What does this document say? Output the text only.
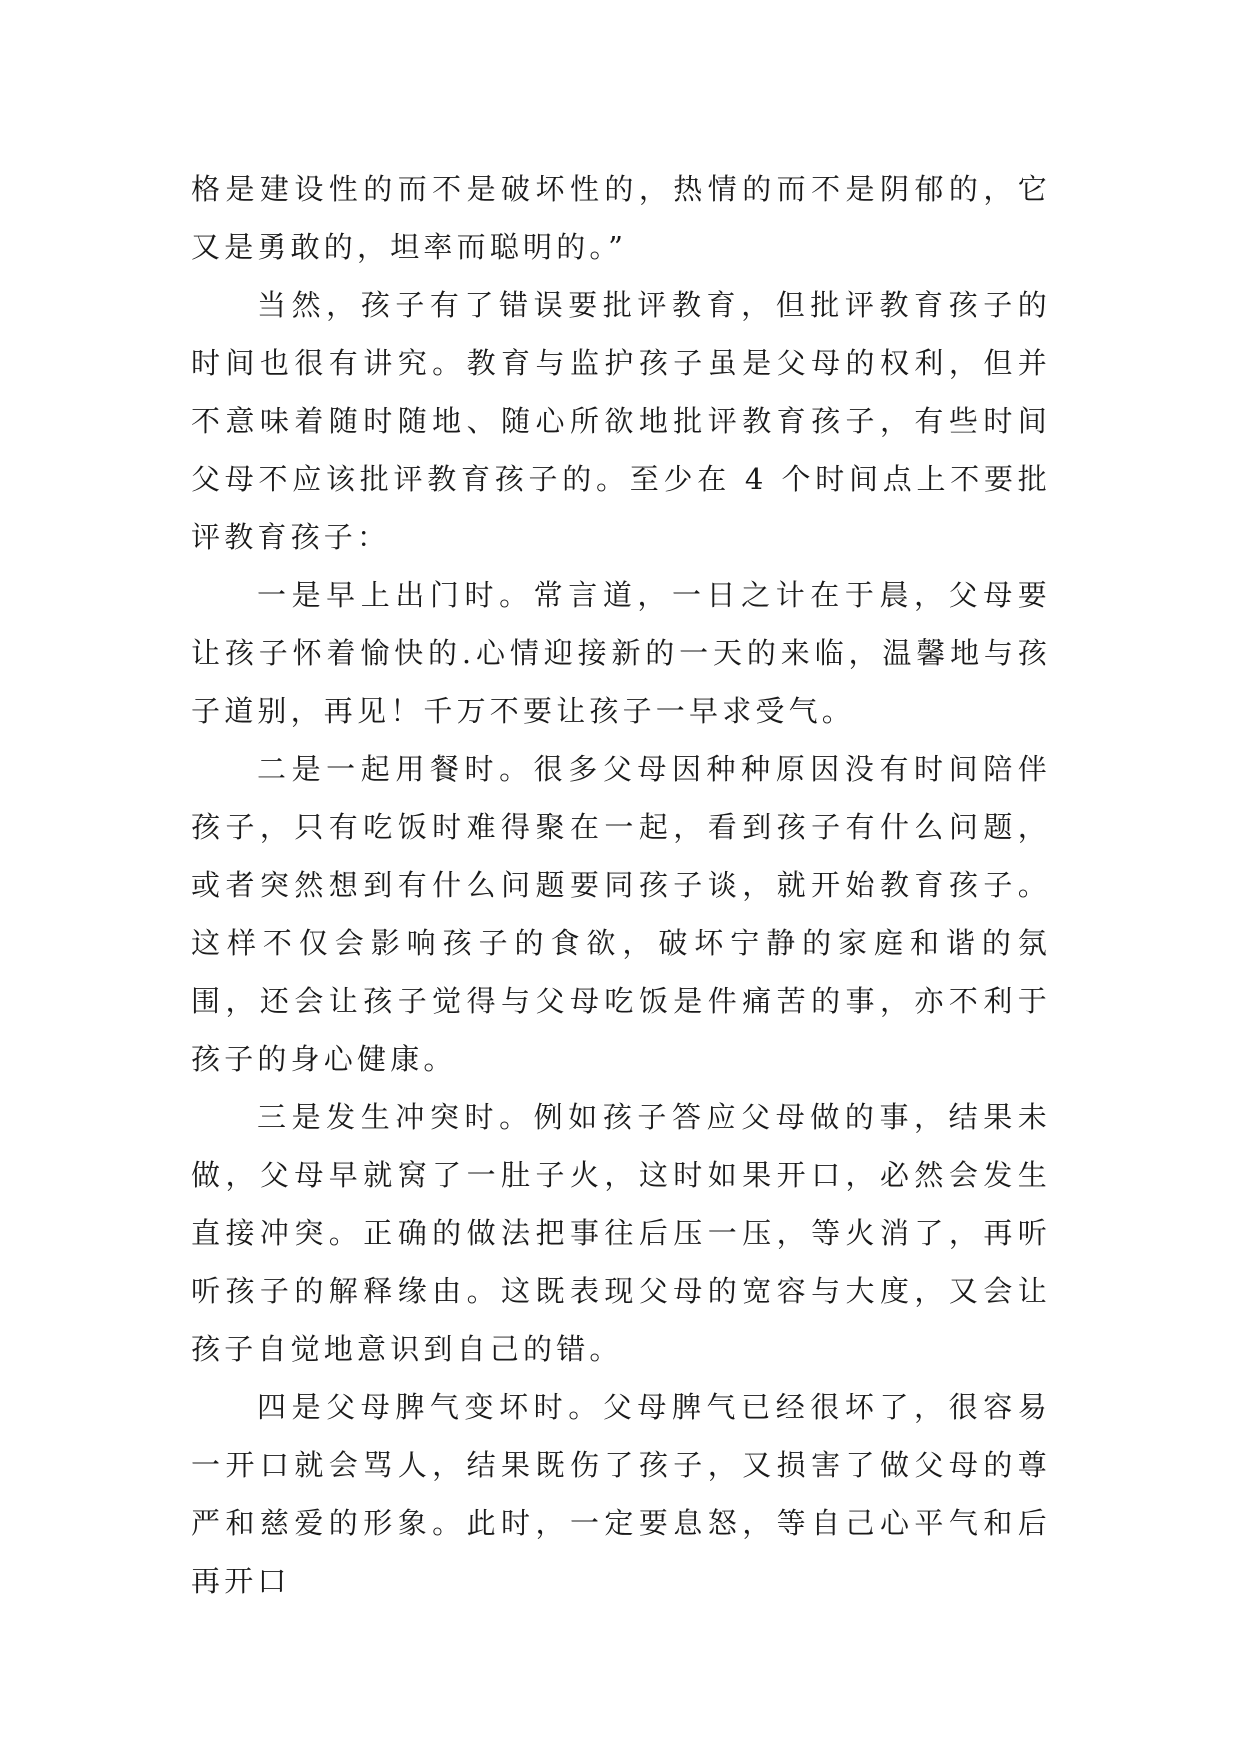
格是建设性的而不是破坏性的，热情的而不是阴郁的，它又是勇敢的，坦率而聪明的。”

当然，孩子有了错误要批评教育，但批评教育孩子的时间也很有讲究。教育与监护孩子虽是父母的权利，但并不意味着随时随地、随心所欲地批评教育孩子，有些时间父母不应该批评教育孩子的。至少在 4 个时间点上不要批评教育孩子：

一是早上出门时。常言道，一日之计在于晨，父母要让孩子怀着愉快的.心情迎接新的一天的来临，温馨地与孩子道别，再见！千万不要让孩子一早求受气。

二是一起用餐时。很多父母因种种原因没有时间陪伴孩子，只有吃饭时难得聚在一起，看到孩子有什么问题，或者突然想到有什么问题要同孩子谈，就开始教育孩子。这样不仅会影响孩子的食欲，破坏宁静的家庭和谐的氛围，还会让孩子觉得与父母吃饭是件痛苦的事，亦不利于孩子的身心健康。

三是发生冲突时。例如孩子答应父母做的事，结果未做，父母早就窝了一肚子火，这时如果开口，必然会发生直接冲突。正确的做法把事往后压一压，等火消了，再听听孩子的解释缘由。这既表现父母的宽容与大度，又会让孩子自觉地意识到自己的错。

四是父母脾气变坏时。父母脾气已经很坏了，很容易一开口就会骂人，结果既伤了孩子，又损害了做父母的尊严和慈爱的形象。此时，一定要息怒，等自己心平气和后再开口
